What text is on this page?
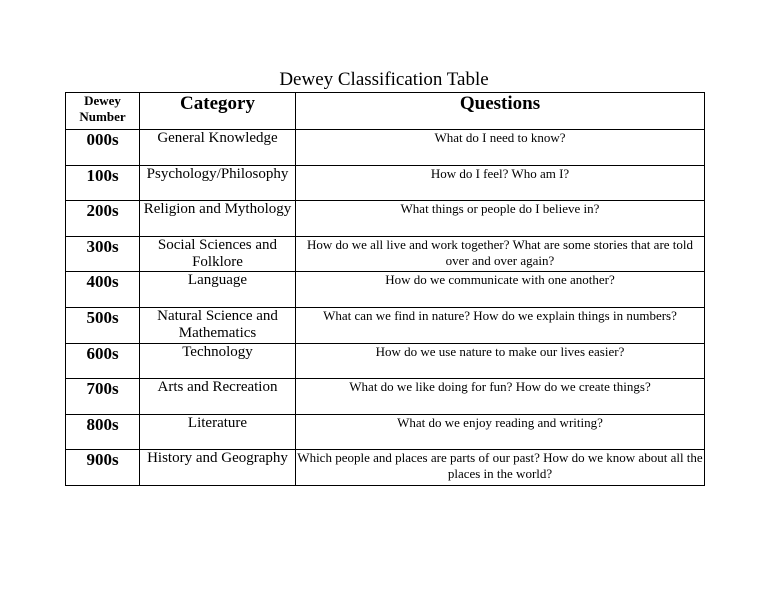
Dewey Classification Table
Dewey Number	Category	Questions
000s	General Knowledge	What do I need to know?
100s	Psychology/Philosophy	How do I feel? Who am I?
200s	Religion and Mythology	What things or people do I believe in?
300s	Social Sciences and Folklore	How do we all live and work together? What are some stories that are told over and over again?
400s	Language	How do we communicate with one another?
500s	Natural Science and Mathematics	What can we find in nature? How do we explain things in numbers?
600s	Technology	How do we use nature to make our lives easier?
700s	Arts and Recreation	What do we like doing for fun? How do we create things?
800s	Literature	What do we enjoy reading and writing?
900s	History and Geography	Which people and places are parts of our past? How do we know about all the places in the world?
